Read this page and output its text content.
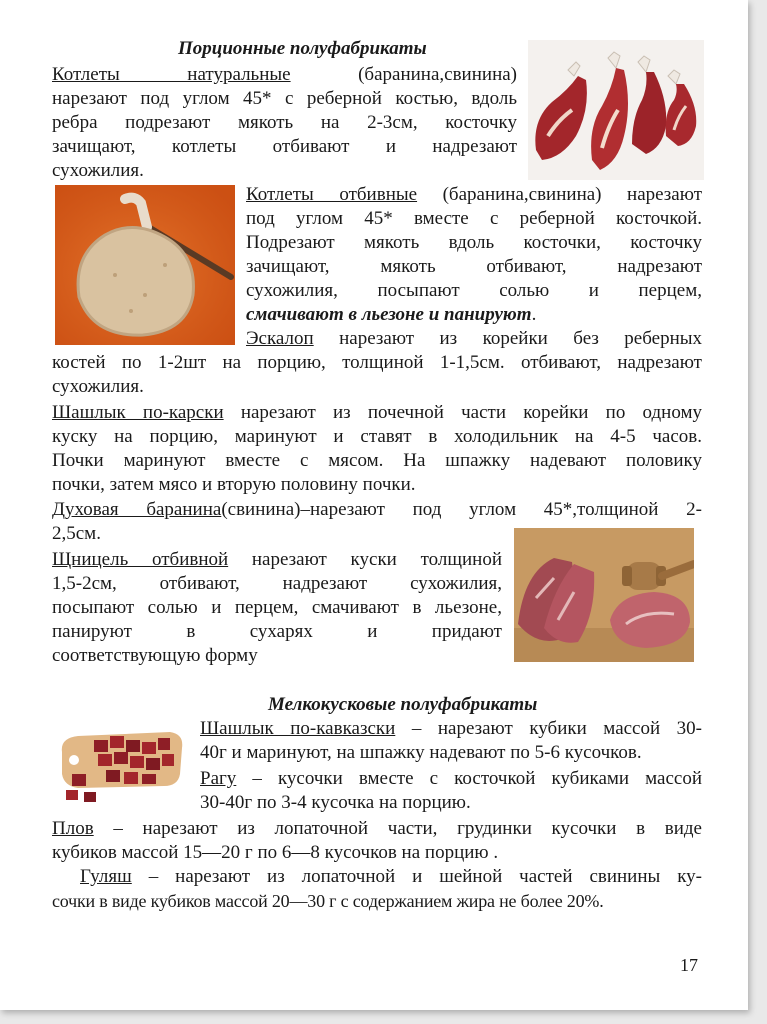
Порционные полуфабрикаты
Котлеты натуральные	(баранина,свинина)
нарезают под углом 45* с реберной костью, вдоль
ребра подрезают мякоть на 2-3см, косточку
зачищают, котлеты отбивают и надрезают
сухожилия.
Котлеты отбивные (баранина,свинина) нарезают
под углом 45* вместе с реберной косточкой.
Подрезают мякоть вдоль косточки, косточку
зачищают, мякоть отбивают, надрезают
сухожилия, посыпают солью и перцем,
смачивают в льезоне и панируют.
Эскалоп нарезают из корейки без реберных
костей по 1-2шт на порцию, толщиной 1-1,5см. отбивают, надрезают
сухожилия.
Шашлык по-карски нарезают из почечной части корейки по одному
куску на порцию, маринуют и ставят в холодильник на 4-5 часов.
Почки маринуют вместе с мясом. На шпажку надевают половику
почки, затем мясо и вторую половину почки.
Духовая баранина(свинина)–нарезают под углом 45*,толщиной 2-
2,5см.
Щницель отбивной нарезают куски толщиной
1,5-2см, отбивают, надрезают сухожилия,
посыпают солью и перцем, смачивают в льезоне,
панируют в сухарях и придают
соответствующую форму
Мелкокусковые полуфабрикаты
Шашлык по-кавказски – нарезают кубики массой 30-
40г и маринуют, на шпажку надевают по 5-6 кусочков.
Рагу – кусочки вместе с косточкой кубиками массой
30-40г по 3-4 кусочка на порцию.
Плов – нарезают из лопаточной части, грудинки кусочки в виде
кубиков массой 15—20 г по 6—8 кусочков на порцию .
Гуляш – нарезают из лопаточной и шейной частей свинины ку-
сочки в виде кубиков массой 20—30 г с содержанием жира не более 20%.
17
